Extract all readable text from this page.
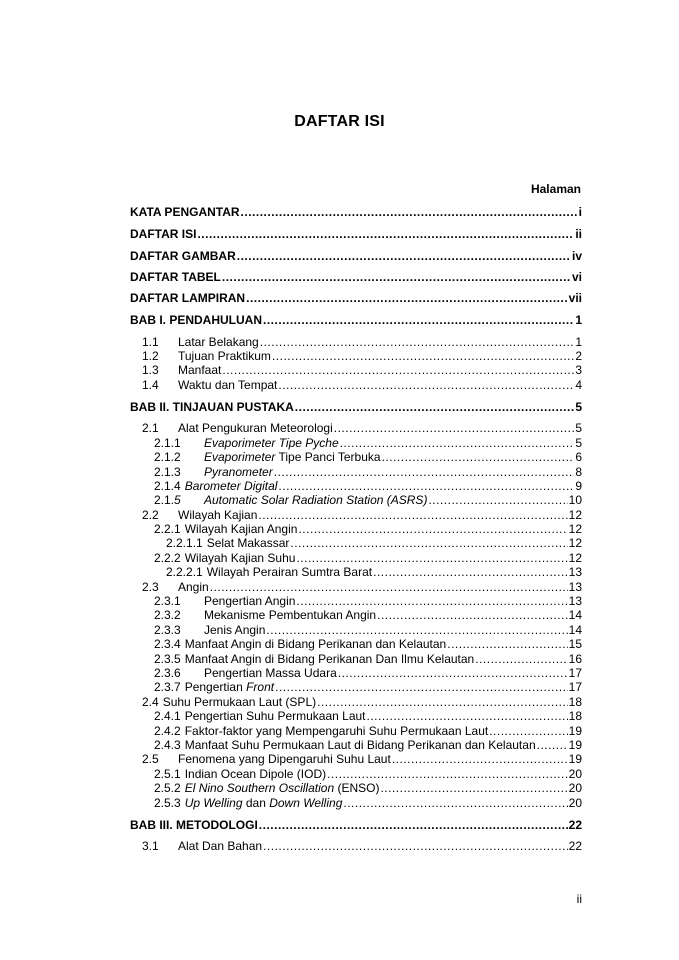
DAFTAR ISI
Halaman
KATA PENGANTAR .....	i
DAFTAR ISI .....	ii
DAFTAR GAMBAR .....	iv
DAFTAR TABEL .....	vi
DAFTAR LAMPIRAN .....	vii
BAB I. PENDAHULUAN .....	1
1.1 Latar Belakang .....	1
1.2 Tujuan Praktikum .....	2
1.3 Manfaat .....	3
1.4 Waktu dan Tempat .....	4
BAB II. TINJAUAN PUSTAKA .....	5
2.1 Alat Pengukuran Meteorologi .....	5
2.1.1 Evaporimeter Tipe Pyche .....	5
2.1.2 Evaporimeter Tipe Panci Terbuka .....	6
2.1.3 Pyranometer .....	8
2.1.4 Barometer Digital .....	9
2.1.5 Automatic Solar Radiation Station (ASRS) .....	10
2.2 Wilayah Kajian .....	12
2.2.1 Wilayah Kajian Angin .....	12
2.2.1.1 Selat Makassar .....	12
2.2.2 Wilayah Kajian Suhu .....	12
2.2.2.1 Wilayah Perairan Sumtra Barat .....	13
2.3 Angin .....	13
2.3.1 Pengertian Angin .....	13
2.3.2 Mekanisme Pembentukan Angin .....	14
2.3.3 Jenis Angin .....	14
2.3.4 Manfaat Angin di Bidang Perikanan dan Kelautan .....	15
2.3.5 Manfaat Angin di Bidang Perikanan Dan Ilmu Kelautan .....	16
2.3.6 Pengertian Massa Udara .....	17
2.3.7 Pengertian Front .....	17
2.4 Suhu Permukaan Laut (SPL) .....	18
2.4.1 Pengertian Suhu Permukaan Laut .....	18
2.4.2 Faktor-faktor yang Mempengaruhi Suhu Permukaan Laut .....	19
2.4.3 Manfaat Suhu Permukaan Laut di Bidang Perikanan dan Kelautan .....	19
2.5 Fenomena yang Dipengaruhi Suhu Laut .....	19
2.5.1 Indian Ocean Dipole (IOD) .....	20
2.5.2 El Nino Southern Oscillation (ENSO) .....	20
2.5.3 Up Welling dan Down Welling .....	20
BAB III. METODOLOGI .....	22
3.1 Alat Dan Bahan .....	22
ii
